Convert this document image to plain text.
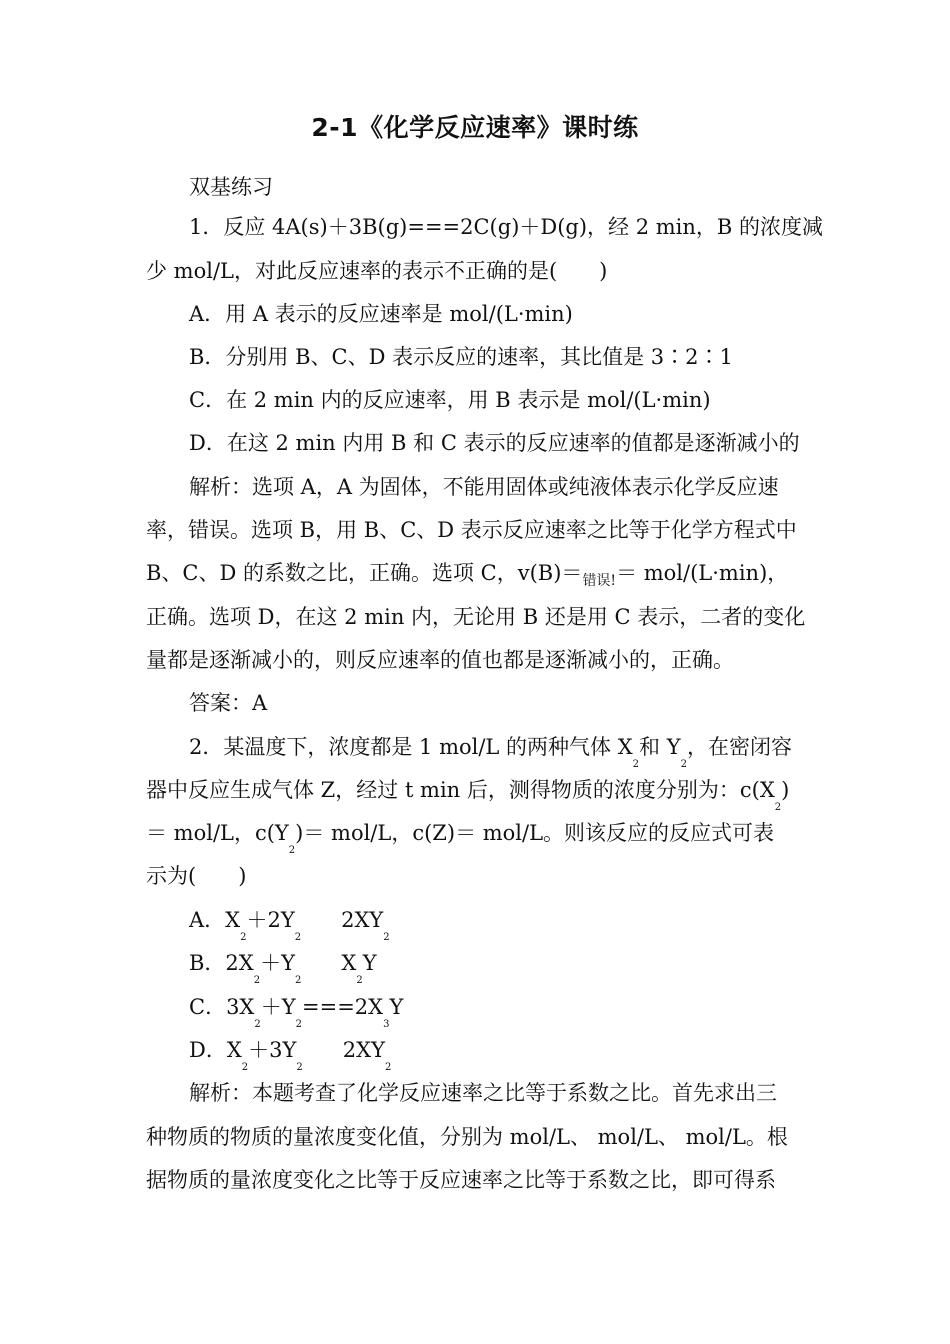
2-1《化学反应速率》课时练
双基练习
1．反应 4A(s)＋3B(g)===2C(g)＋D(g)，经 2 min，B 的浓度减
少 mol/L，对此反应速率的表示不正确的是(　　)
A．用 A 表示的反应速率是 mol/(L·min)
B．分别用 B、C、D 表示反应的速率，其比值是 3∶2∶1
C．在 2 min 内的反应速率，用 B 表示是 mol/(L·min)
D．在这 2 min 内用 B 和 C 表示的反应速率的值都是逐渐减小的
解析：选项 A，A 为固体，不能用固体或纯液体表示化学反应速
率，错误。选项 B，用 B、C、D 表示反应速率之比等于化学方程式中
B、C、D 的系数之比，正确。选项 C，$v(B)=_{错误!}= mol/(L\cdot\min)$，
正确。选项 D，在这 2 min 内，无论用 B 还是用 C 表示，二者的变化
量都是逐渐减小的，则反应速率的值也都是逐渐减小的，正确。
答案：A
2．某温度下，浓度都是 1 mol/L 的两种气体 $X_2$和 $Y_2$，在密闭容
器中反应生成气体 Z，经过 t min 后，测得物质的浓度分别为：$c(X_2)$
＝ mol/L，$c(Y_2)= mol/L$，c(Z)＝ mol/L。则该反应的反应式可表
示为(　　)
A．$X_2+2Y_22XY_2$
B．$2X_2+Y_2X_2Y$
C．$3X_2+Y_2===2X_3Y$
D．$X_2+3Y_22XY_2$
解析：本题考查了化学反应速率之比等于系数之比。首先求出三
种物质的物质的量浓度变化值，分别为 mol/L、 mol/L、 mol/L。根
据物质的量浓度变化之比等于反应速率之比等于系数之比，即可得系
